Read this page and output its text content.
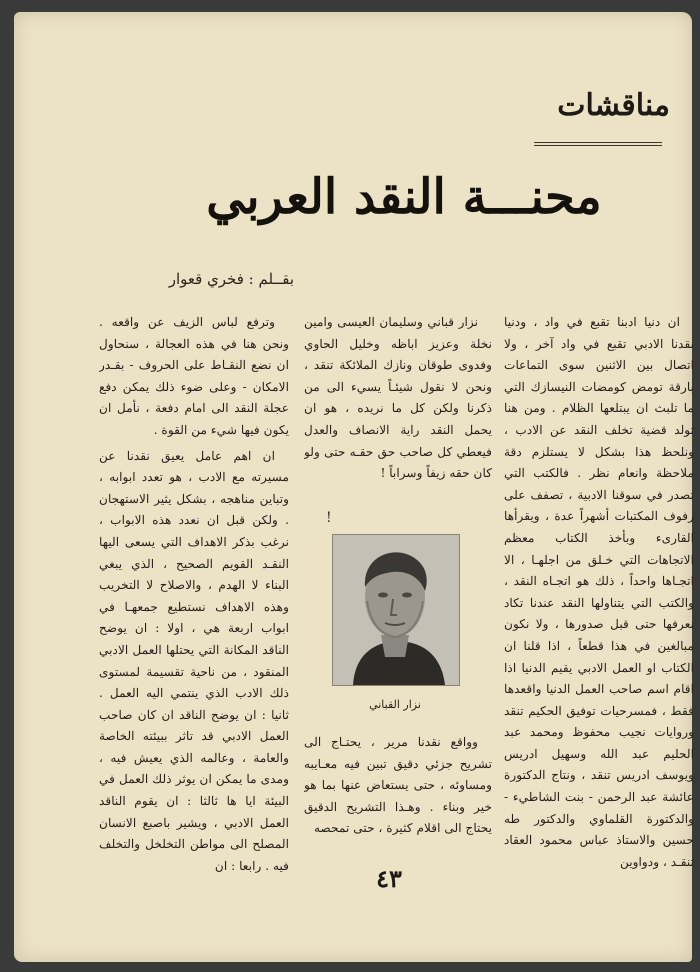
مناقشات
محنـــة النقد العربي
بقــلم : فخري قعوار

ان دنيا ادبنا تقبع في واد ، ودنيا نقدنا الادبي تقبع في واد آخر ، ولا اتصال بين الاثنين سوى التماعات بارقة تومض كومضات النيسازك التي ما تلبث ان يبتلعها الظلام . ومن هنا تولد قضية تخلف النقد عن الادب ، ونلحظ هذا بشكل لا يستلزم دقة ملاحظة وانعام نظر . فالكتب التي تصدر في سوقنا الادبية ، تصفف على رفوف المكتبات أشهراً عدة ، ويقرأها القارىء وبأخذ الكتاب معظم الاتجاهات التي خـلق من اجلهـا ، الا اتجـاها واحداً ، ذلك هو اتجـاه النقد ، والكتب التي يتناولها النقد عندنا تكاد نعرفها حتى قبل صدورها ، ولا نكون مبالغين في هذا قطعاً ، اذا قلنا ان الكتاب او العمل الادبي يقيم الدنيا اذا اقام اسم صاحب العمل الدنيا واقعدها فقط ، فمسرحيات توفيق الحكيم تنقد وروايات نجيب محفوظ ومحمد عبد الحليم عبد الله وسهيل ادريس ويوسف ادريس تنقد ، ونتاج الدكتورة عائشة عبد الرحمن - بنت الشاطيء - والدكتورة القلماوي والدكتور طه حسين والاستاذ عباس محمود العقاد تنقـد ، ودواوين

نزار قباني وسليمان العيسى وامين نخلة وعزيز اباظه وخليل الحاوي وفدوى طوقان ونازك الملائكة تنقد ، ونحن لا نقول شيئـاً يسيء الى من ذكرنا ولكن كل ما نريده ، هو ان يحمل النقد راية الانصاف والعدل فيعطي كل صاحب حق حقـه حتى ولو كان حقه زيفاً وسراباً !

!
نزار القباني

وواقع نقدنا مرير ، يحتـاج الى تشريح جزئي دقيق تبين فيه معـايبه ومساوئه ، حتى يستعاض عنها بما هو خير وبناء . وهـذا التشريح الدقيق يحتاج الى اقلام كثيرة ، حتى تمحصه

وترفع لباس الزيف عن واقعه . ونحن هنا في هذه العجالة ، سنحاول ان نضع النقـاط على الحروف - بقـدر الامكان - وعلى ضوء ذلك يمكن دفع عجلة النقد الى امام دفعة ، نأمل ان يكون فيها شيء من القوة .

ان اهم عامل يعيق نقدنا عن مسيرته مع الادب ، هو تعدد ابوابه ، وتباين مناهجه ، بشكل يثير الاستهجان . ولكن قبل ان نعدد هذه الابواب ، نرغب بذكر الاهداف التي يسعى اليها النقـد القويم الصحيح ، الذي يبغي البناء لا الهدم ، والاصلاح لا التخريب وهذه الاهداف نستطيع جمعهـا في ابواب اربعة هي ، اولا : ان يوضح الناقد المكانة التي يحتلها العمل الادبي المنقود ، من ناحية تقسيمة لمستوى ذلك الادب الذي ينتمي اليه العمل . ثانيا : ان يوضح الناقد ان كان صاحب العمل الادبي قد تاثر ببيئته الخاصة والعامة ، وعالمه الذي يعيش فيه ، ومدى ما يمكن ان يوثر ذلك العمل في البيئة ايا ها ثالثا : ان يقوم الناقد العمل الادبي ، ويشير باصبع الانسان المصلح الى مواطن التخلخل والتخلف فيه . رابعا : ان	٤٣
